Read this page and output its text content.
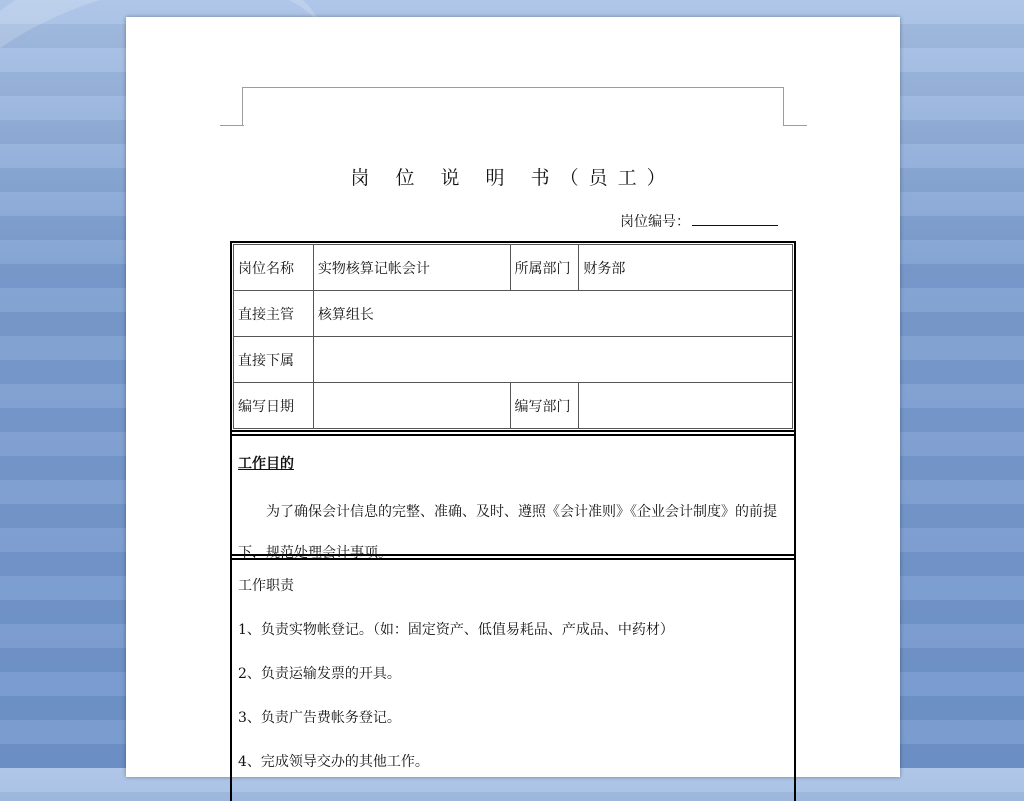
岗 位 说 明 书（员工）
岗位编号：
岗位名称	实物核算记帐会计	所属部门	财务部
直接主管	核算组长		
直接下属			
编写日期		编写部门	
工作目的
为了确保会计信息的完整、准确、及时、遵照《会计准则》《企业会计制度》的前提下，规范处理会计事项。
工作职责
1、负责实物帐登记。（如：固定资产、低值易耗品、产成品、中药材）
2、负责运输发票的开具。
3、负责广告费帐务登记。
4、完成领导交办的其他工作。
